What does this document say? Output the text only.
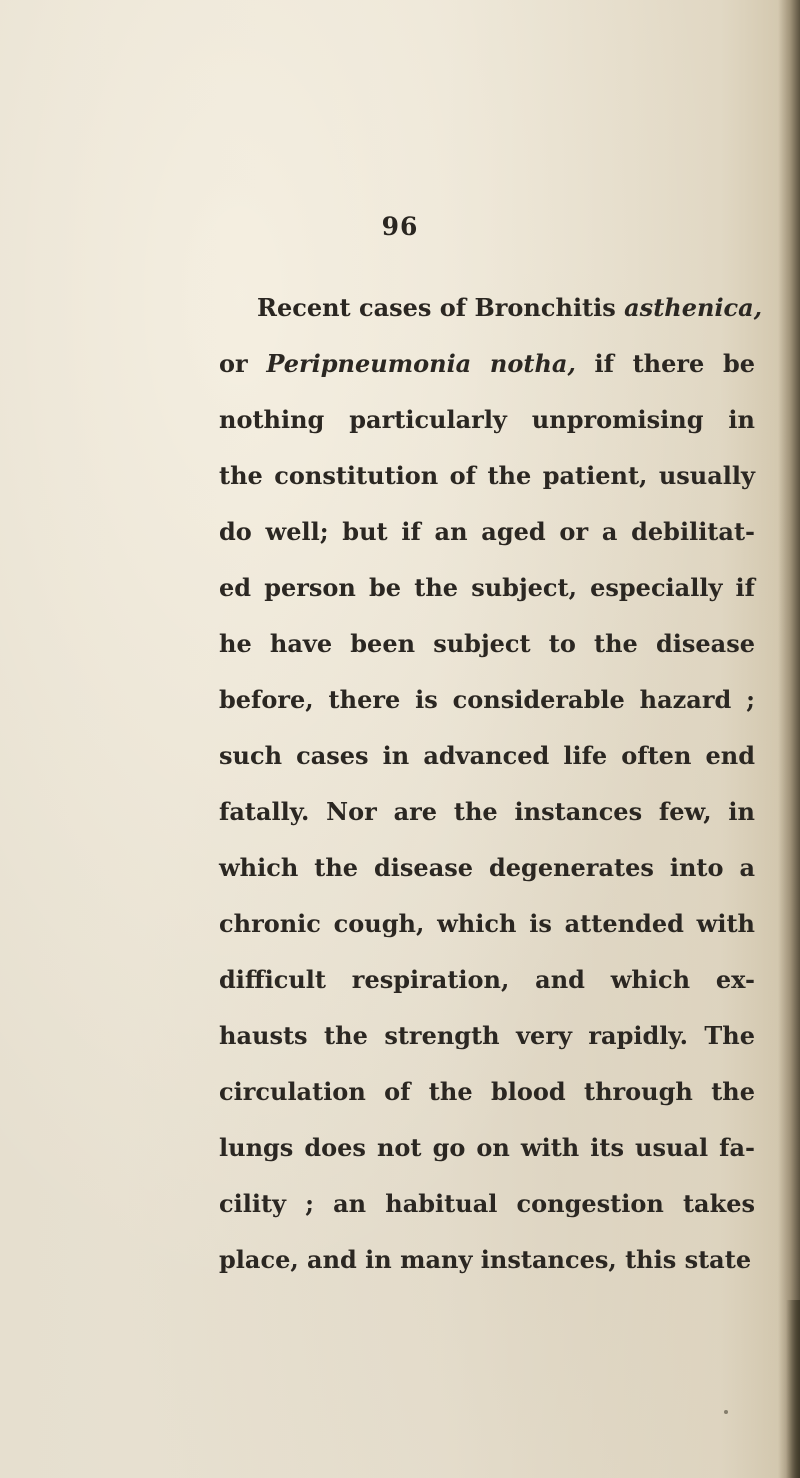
96
Recent cases of Bronchitis asthenica,
or Peripneumonia notha, if there be
nothing particularly unpromising in
the constitution of the patient, usually
do well; but if an aged or a debilitat-
ed person be the subject, especially if
he have been subject to the disease
before, there is considerable hazard ;
such cases in advanced life often end
fatally. Nor are the instances few, in
which the disease degenerates into a
chronic cough, which is attended with
difficult respiration, and which ex-
hausts the strength very rapidly. The
circulation of the blood through the
lungs does not go on with its usual fa-
cility ; an habitual congestion takes
place, and in many instances, this state
